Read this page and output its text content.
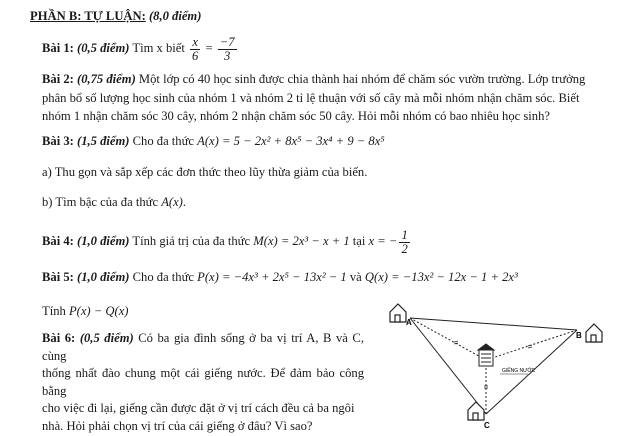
PHẦN B: TỰ LUẬN: (8,0 điểm)
Bài 1: (0,5 điểm) Tìm x biết $\frac{x}{6} = \frac{-7}{3}$
Bài 2: (0,75 điểm) Một lớp có 40 học sinh được chia thành hai nhóm để chăm sóc vườn trường. Lớp trưởng
phân bổ số lượng học sinh của nhóm 1 và nhóm 2 tỉ lệ thuận với số cây mà mỗi nhóm nhận chăm sóc. Biết
nhóm 1 nhận chăm sóc 30 cây, nhóm 2 nhận chăm sóc 50 cây. Hỏi mỗi nhóm có bao nhiêu học sinh?
Bài 3: (1,5 điểm) Cho đa thức A(x) = 5 − 2x² + 8x⁵ − 3x⁴ + 9 − 8x⁵
a) Thu gọn và sắp xếp các đơn thức theo lũy thừa giảm của biến.
b) Tìm bậc của đa thức A(x).
Bài 4: (1,0 điểm) Tính giá trị của đa thức M(x) = 2x³ − x + 1 tại x = − $\frac{1}{2}$
Bài 5: (1,0 điểm) Cho đa thức P(x) = −4x³ + 2x⁵ − 13x² − 1 và Q(x) = −13x² − 12x − 1 + 2x³
Tính P(x) − Q(x)
Bài 6: (0,5 điểm) Có ba gia đình sống ở ba vị trí A, B và C, cùng
thống nhất đào chung một cái giếng nước. Để đảm bảo công bằng
cho việc đi lại, giếng cần được đặt ở vị trí cách đều cả ba ngôi
nhà. Hỏi phải chọn vị trí của cái giếng ở đâu? Vì sao?
A
B
C
GIẾNG NƯỚC
